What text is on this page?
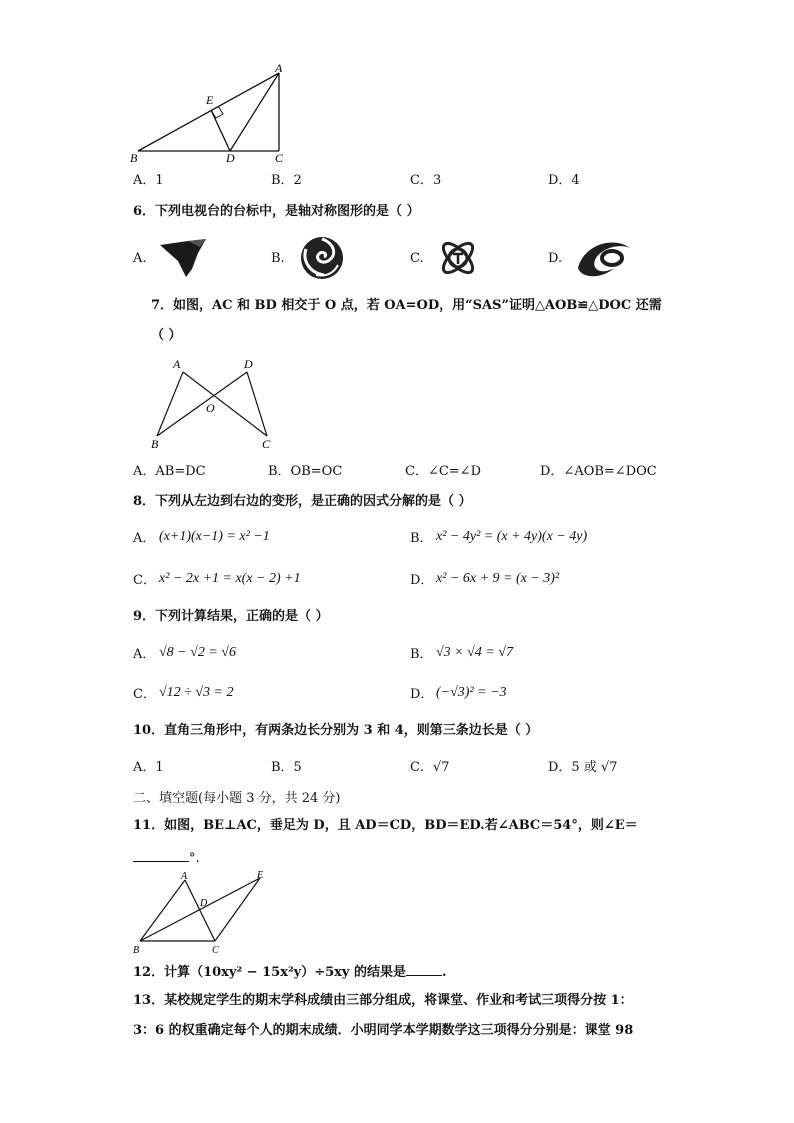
A
E
B	D	C
A．1	B．2	C．3	D．4
6．下列电视台的台标中，是轴对称图形的是（ ）
A.	B.	C.	D.
7．如图，AC 和 BD 相交于 O 点，若 OA=OD，用“SAS”证明△AOB≌△DOC 还需
（ ）
A	D
O
B	C
A．AB=DC	B．OB=OC	C．∠C=∠D	D．∠AOB=∠DOC
8．下列从左边到右边的变形，是正确的因式分解的是（ ）
A． (x+1)(x−1) = x² −1	B． x² − 4y² = (x + 4y)(x − 4y)
C． x² − 2x +1 = x(x − 2) +1	D． x² − 6x + 9 = (x − 3)²
9．下列计算结果，正确的是（ ）
A． √8 − √2 = √6	B． √3 × √4 = √7
C． √12 ÷ √3 = 2	D． (−√3)² = −3
10．直角三角形中，有两条边长分别为 3 和 4，则第三条边长是（ ）
A．1	B．5	C．√7	D．5 或 √7
二、填空题(每小题 3 分，共 24 分)
11．如图，BE⊥AC，垂足为 D，且 AD＝CD，BD＝ED.若∠ABC＝54°，则∠E＝
°.
A	E
D
B	C
12．计算（10xy² − 15x²y）÷5xy 的结果是	.
13．某校规定学生的期末学科成绩由三部分组成，将课堂、作业和考试三项得分按 1：
3：6 的权重确定每个人的期末成绩．小明同学本学期数学这三项得分分别是：课堂 98
